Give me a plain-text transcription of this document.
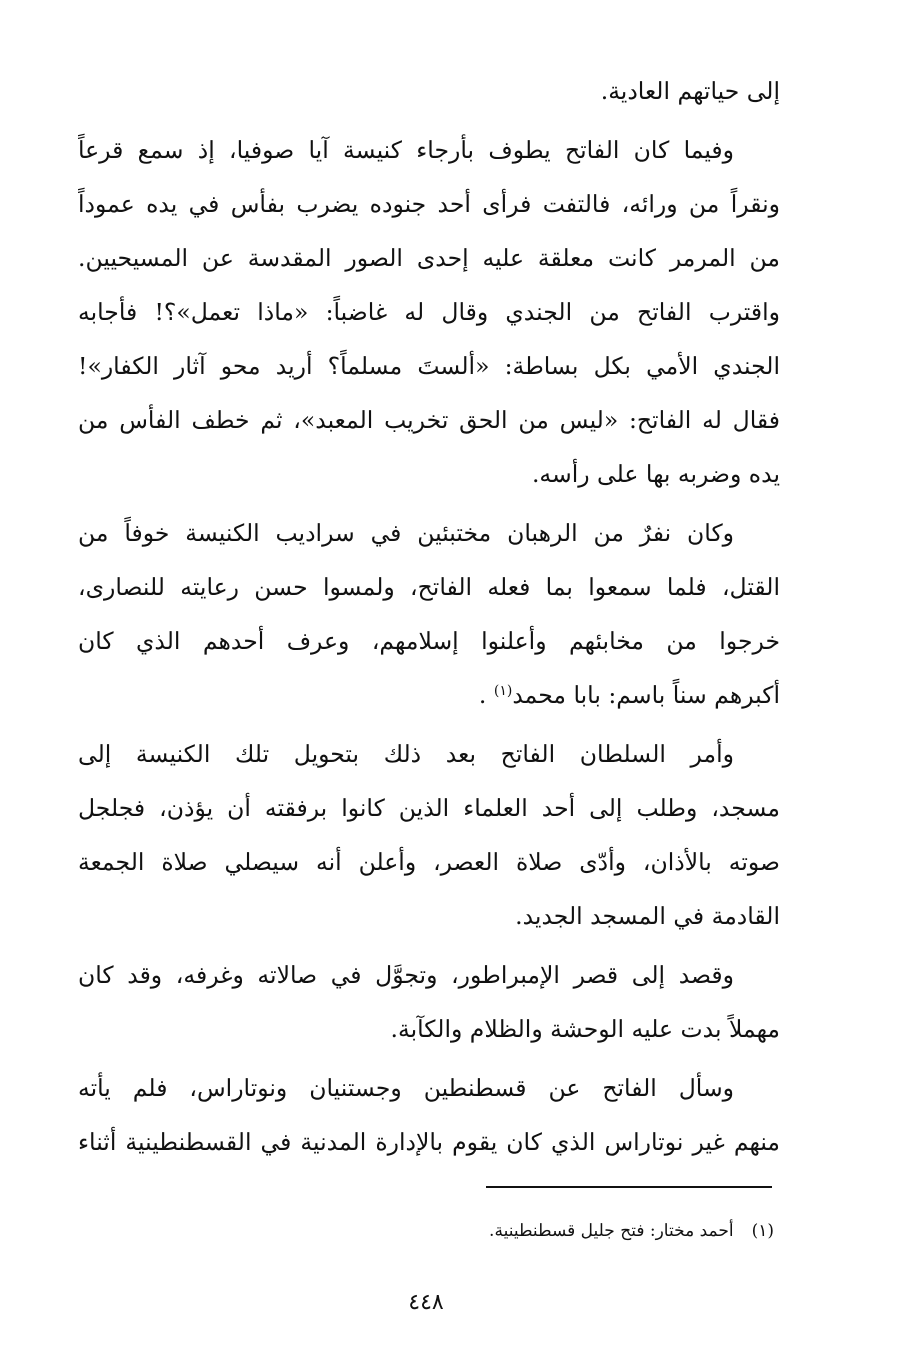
إلى حياتهم العادية.
وفيما كان الفاتح يطوف بأرجاء كنيسة آيا صوفيا، إذ سمع قرعاً
ونقراً من ورائه، فالتفت فرأى أحد جنوده يضرب بفأس في يده عموداً
من المرمر كانت معلقة عليه إحدى الصور المقدسة عن المسيحيين.
واقترب الفاتح من الجندي وقال له غاضباً: «ماذا تعمل»؟! فأجابه
الجندي الأمي بكل بساطة: «ألستَ مسلماً؟ أريد محو آثار الكفار»!
فقال له الفاتح: «ليس من الحق تخريب المعبد»، ثم خطف الفأس من
يده وضربه بها على رأسه.
وكان نفرٌ من الرهبان مختبئين في سراديب الكنيسة خوفاً من
القتل، فلما سمعوا بما فعله الفاتح، ولمسوا حسن رعايته للنصارى،
خرجوا من مخابئهم وأعلنوا إسلامهم، وعرف أحدهم الذي كان
أكبرهم سناً باسم: بابا محمد$^{(١)}$ .
وأمر السلطان الفاتح بعد ذلك بتحويل تلك الكنيسة إلى
مسجد، وطلب إلى أحد العلماء الذين كانوا برفقته أن يؤذن، فجلجل
صوته بالأذان، وأدّى صلاة العصر، وأعلن أنه سيصلي صلاة الجمعة
القادمة في المسجد الجديد.
وقصد إلى قصر الإمبراطور، وتجوَّل في صالاته وغرفه، وقد كان
مهملاً بدت عليه الوحشة والظلام والكآبة.
وسأل الفاتح عن قسطنطين وجستنيان ونوتاراس، فلم يأته
منهم غير نوتاراس الذي كان يقوم بالإدارة المدنية في القسطنطينية أثناء
(١)أحمد مختار: فتح جليل قسطنطينية.
٤٤٨
